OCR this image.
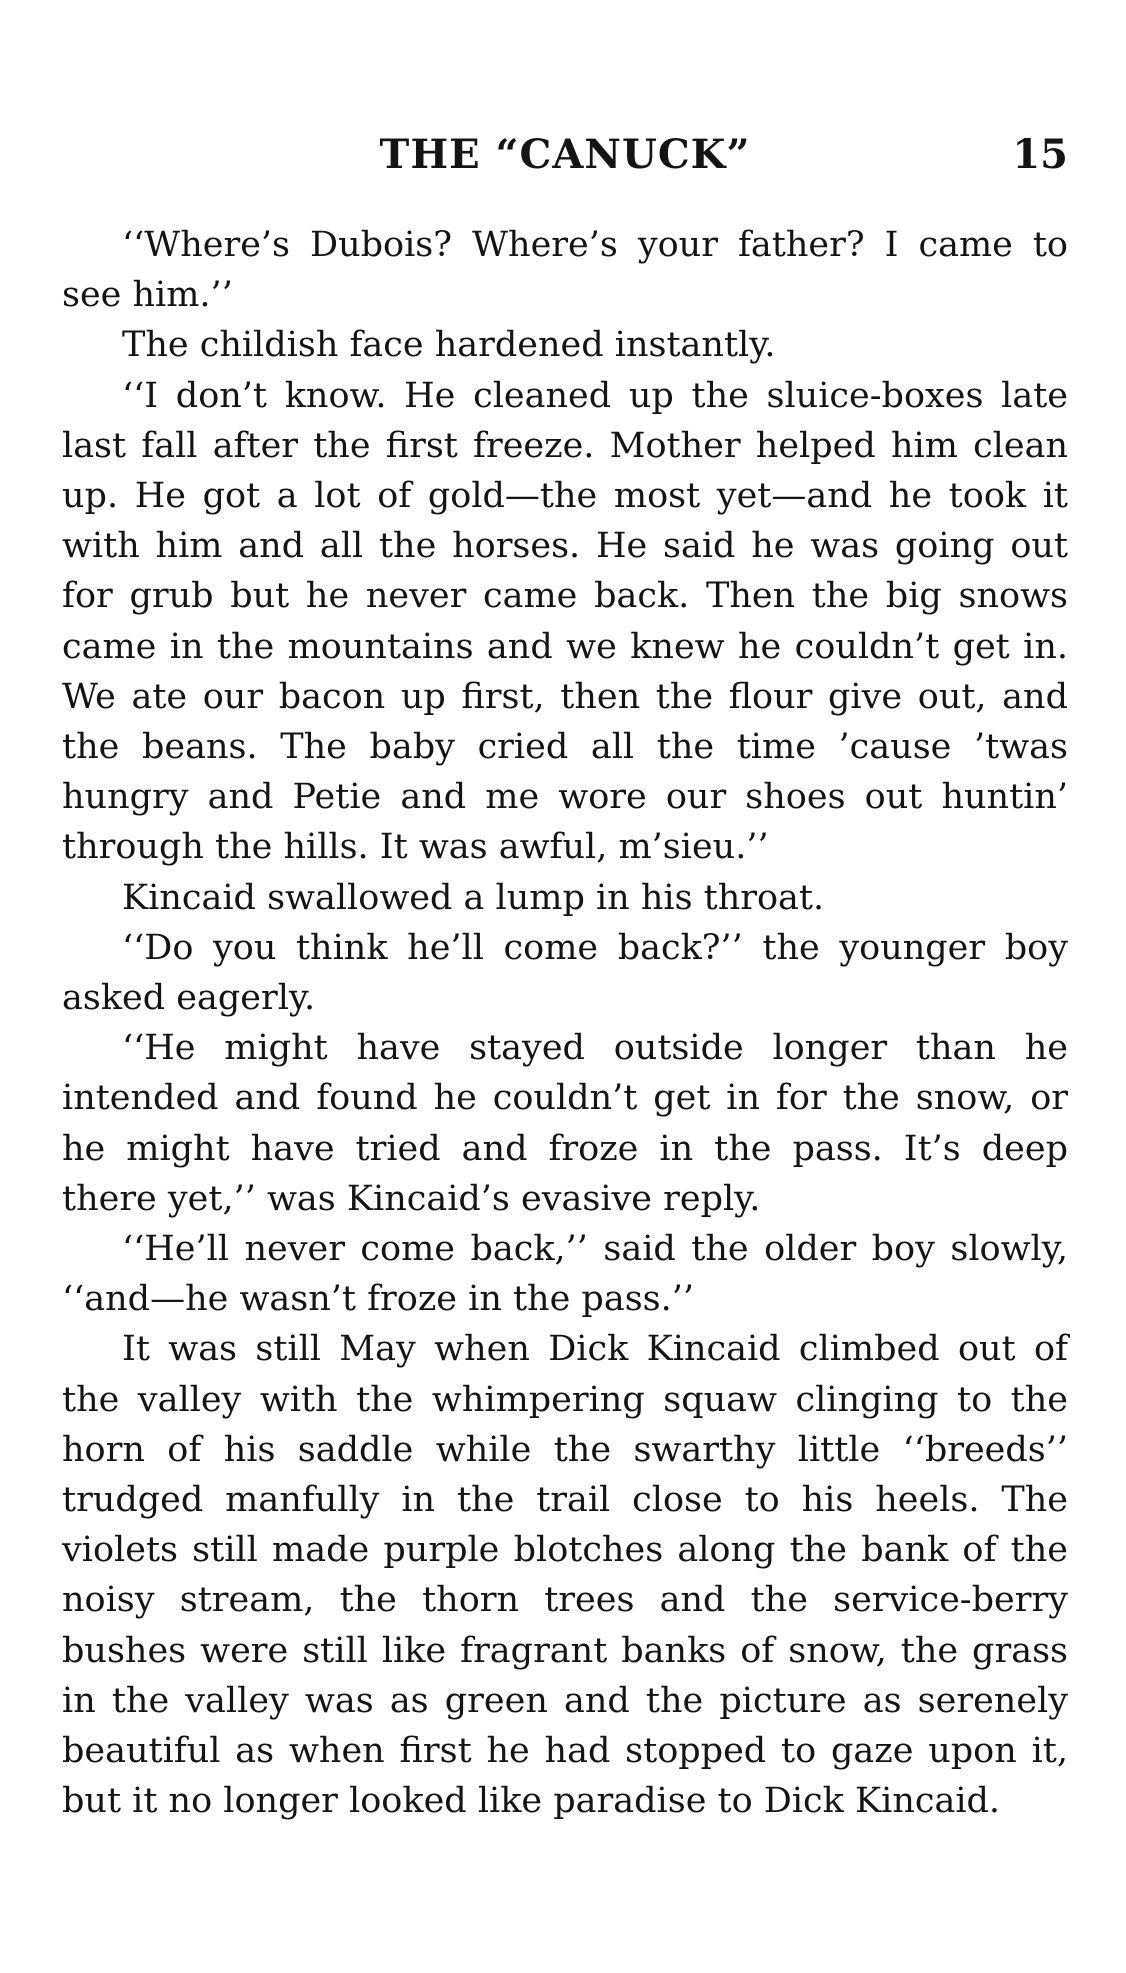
THE “CANUCK”	15

‘‘Where’s Dubois? Where’s your father? I came to see him.’’

The childish face hardened instantly.

‘‘I don’t know. He cleaned up the sluice-boxes late last fall after the first freeze. Mother helped him clean up. He got a lot of gold—the most yet—and he took it with him and all the horses. He said he was going out for grub but he never came back. Then the big snows came in the mountains and we knew he couldn’t get in. We ate our bacon up first, then the flour give out, and the beans. The baby cried all the time ’cause ’twas hungry and Petie and me wore our shoes out huntin’ through the hills. It was awful, m’sieu.’’

Kincaid swallowed a lump in his throat.

‘‘Do you think he’ll come back?’’ the younger boy asked eagerly.

‘‘He might have stayed outside longer than he intended and found he couldn’t get in for the snow, or he might have tried and froze in the pass. It’s deep there yet,’’ was Kincaid’s evasive reply.

‘‘He’ll never come back,’’ said the older boy slowly, ‘‘and—he wasn’t froze in the pass.’’

It was still May when Dick Kincaid climbed out of the valley with the whimpering squaw clinging to the horn of his saddle while the swarthy little ‘‘breeds’’ trudged manfully in the trail close to his heels. The violets still made purple blotches along the bank of the noisy stream, the thorn trees and the service-berry bushes were still like fragrant banks of snow, the grass in the valley was as green and the picture as serenely beautiful as when first he had stopped to gaze upon it, but it no longer looked like paradise to Dick Kincaid.
